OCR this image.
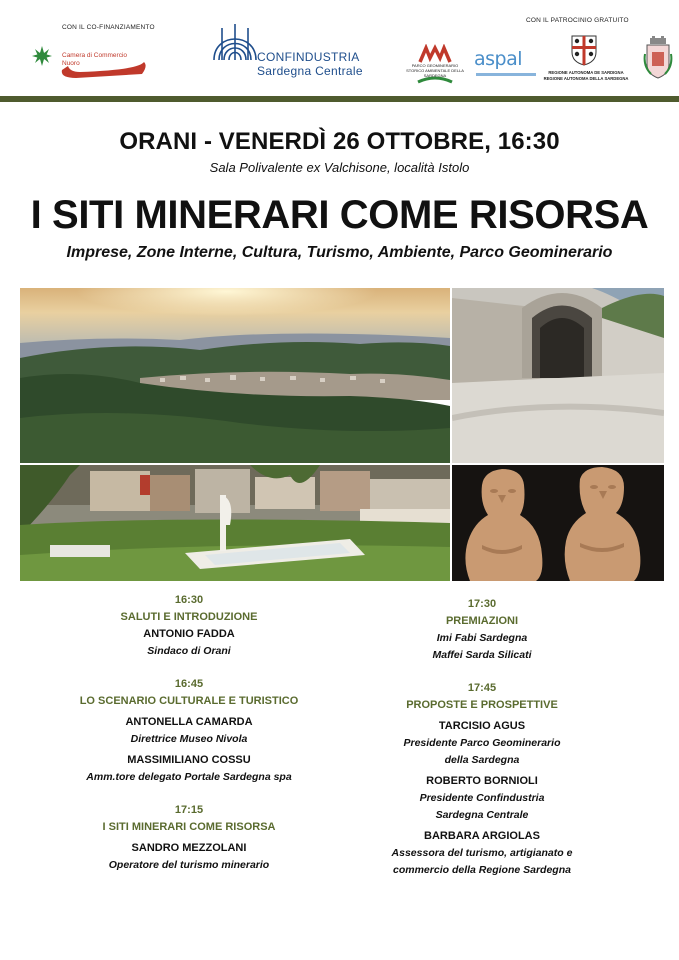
CON IL CO-FINANZIAMENTO
CON IL PATROCINIO GRATUITO
Camera di Commercio
Nuoro	CONFINDUSTRIA
Sardegna Centrale	PARCO GEOMINERARIO STORICO AMBIENTALE DELLA SARDEGNA
aspal
REGIONE AUTONOMA DE SARDIGNA
REGIONE AUTONOMA DELLA SARDEGNA
ORANI - VENERDÌ 26 OTTOBRE, 16:30
Sala Polivalente ex Valchisone, località Istolo
I SITI MINERARI COME RISORSA
Imprese, Zone Interne, Cultura, Turismo, Ambiente, Parco Geominerario
16:30
SALUTI E INTRODUZIONE
ANTONIO FADDA
Sindaco di Orani
16:45
LO SCENARIO CULTURALE E TURISTICO
ANTONELLA CAMARDA
Direttrice Museo Nivola
MASSIMILIANO COSSU
Amm.tore delegato Portale Sardegna spa
17:15
I SITI MINERARI COME RISORSA
SANDRO MEZZOLANI
Operatore del turismo minerario
17:30
PREMIAZIONI
Imi Fabi Sardegna
Maffei Sarda Silicati
17:45
PROPOSTE E PROSPETTIVE
TARCISIO AGUS
Presidente Parco Geominerario
della Sardegna
ROBERTO BORNIOLI
Presidente Confindustria
Sardegna Centrale
BARBARA ARGIOLAS
Assessora del turismo, artigianato e
commercio della Regione Sardegna
